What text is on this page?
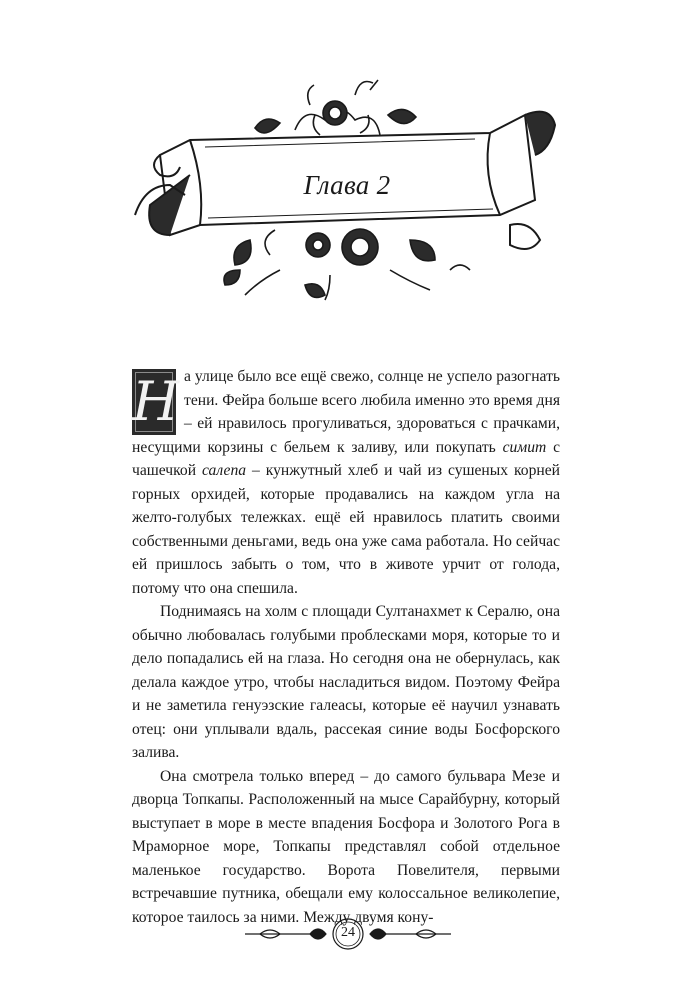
Глава 2

Н а улице было все ещё свежо, солнце не успело разогнать тени. Фейра больше всего любила именно это время дня – ей нравилось прогуливаться, здороваться с прачками, несущими корзины с бельем к заливу, или покупать симит с чашечкой салепа – кунжутный хлеб и чай из сушеных корней горных орхидей, которые продавались на каждом угла на желто-голубых тележках. ещё ей нравилось платить своими собственными деньгами, ведь она уже сама работала. Но сейчас ей пришлось забыть о том, что в животе урчит от голода, потому что она спешила.

Поднимаясь на холм с площади Султанахмет к Сералю, она обычно любовалась голубыми проблесками моря, которые то и дело попадались ей на глаза. Но сегодня она не обернулась, как делала каждое утро, чтобы насладиться видом. Поэтому Фейра и не заметила генуэзские галеасы, которые её научил узнавать отец: они уплывали вдаль, рассекая синие воды Босфорского залива.

Она смотрела только вперед – до самого бульвара Мезе и дворца Топкапы. Расположенный на мысе Сарайбурну, который выступает в море в месте впадения Босфора и Золотого Рога в Мраморное море, Топкапы представлял собой отдельное маленькое государство. Ворота Повелителя, первыми встречавшие путника, обещали ему колоссальное великолепие, которое таилось за ними. Между двумя кону-

24
